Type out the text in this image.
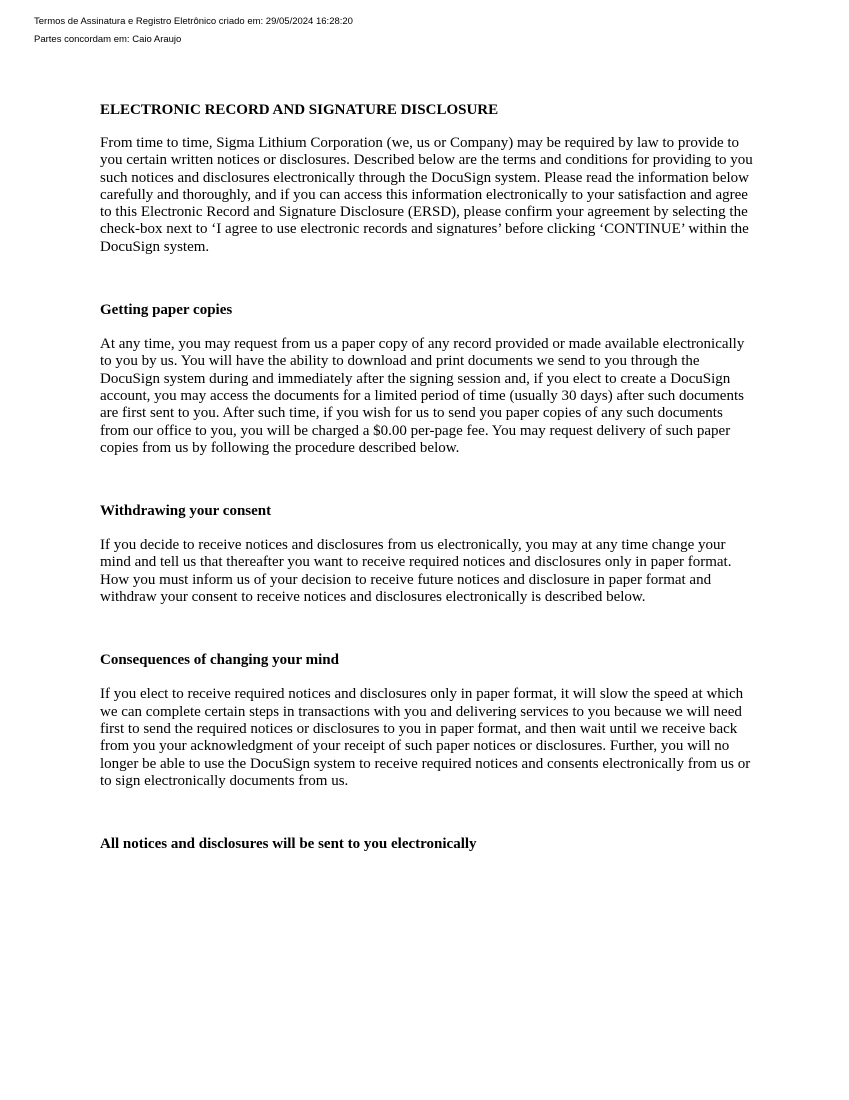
Termos de Assinatura e Registro Eletrônico criado em: 29/05/2024 16:28:20
Partes concordam em: Caio Araujo
ELECTRONIC RECORD AND SIGNATURE DISCLOSURE

From time to time, Sigma Lithium Corporation (we, us or Company) may be required by law to provide to you certain written notices or disclosures. Described below are the terms and conditions for providing to you such notices and disclosures electronically through the DocuSign system. Please read the information below carefully and thoroughly, and if you can access this information electronically to your satisfaction and agree to this Electronic Record and Signature Disclosure (ERSD), please confirm your agreement by selecting the check-box next to ‘I agree to use electronic records and signatures’ before clicking ‘CONTINUE’ within the DocuSign system.

Getting paper copies

At any time, you may request from us a paper copy of any record provided or made available electronically to you by us. You will have the ability to download and print documents we send to you through the DocuSign system during and immediately after the signing session and, if you elect to create a DocuSign account, you may access the documents for a limited period of time (usually 30 days) after such documents are first sent to you. After such time, if you wish for us to send you paper copies of any such documents from our office to you, you will be charged a $0.00 per-page fee. You may request delivery of such paper copies from us by following the procedure described below.

Withdrawing your consent

If you decide to receive notices and disclosures from us electronically, you may at any time change your mind and tell us that thereafter you want to receive required notices and disclosures only in paper format. How you must inform us of your decision to receive future notices and disclosure in paper format and withdraw your consent to receive notices and disclosures electronically is described below.

Consequences of changing your mind

If you elect to receive required notices and disclosures only in paper format, it will slow the speed at which we can complete certain steps in transactions with you and delivering services to you because we will need first to send the required notices or disclosures to you in paper format, and then wait until we receive back from you your acknowledgment of your receipt of such paper notices or disclosures. Further, you will no longer be able to use the DocuSign system to receive required notices and consents electronically from us or to sign electronically documents from us.

All notices and disclosures will be sent to you electronically
